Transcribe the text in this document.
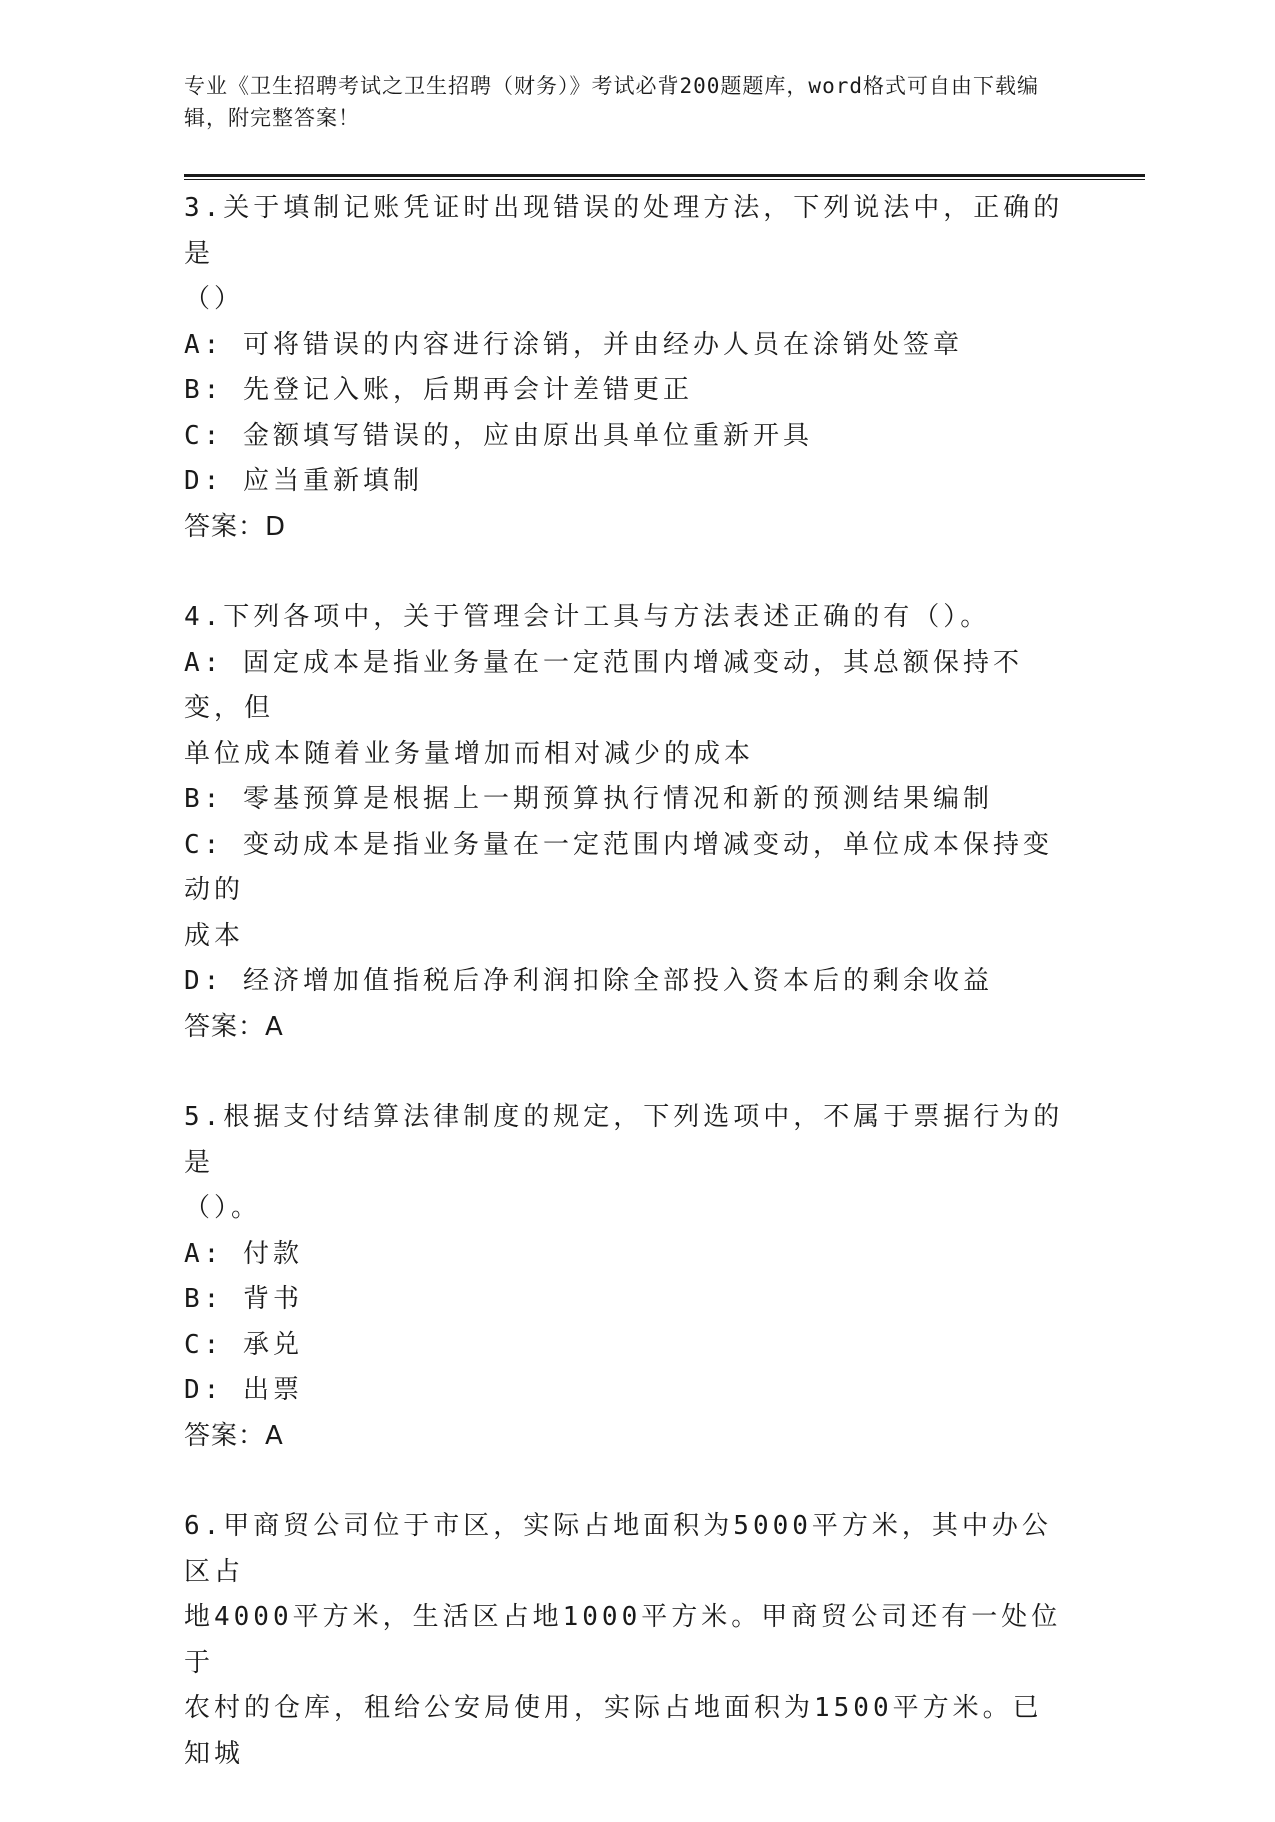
专业《卫生招聘考试之卫生招聘（财务）》考试必背200题题库，word格式可自由下载编辑，附完整答案！

3.关于填制记账凭证时出现错误的处理方法，下列说法中，正确的是

（）

A: 可将错误的内容进行涂销，并由经办人员在涂销处签章

B: 先登记入账，后期再会计差错更正

C: 金额填写错误的，应由原出具单位重新开具

D: 应当重新填制

答案：D

4.下列各项中，关于管理会计工具与方法表述正确的有（）。

A: 固定成本是指业务量在一定范围内增减变动，其总额保持不变，但

单位成本随着业务量增加而相对减少的成本

B: 零基预算是根据上一期预算执行情况和新的预测结果编制

C: 变动成本是指业务量在一定范围内增减变动，单位成本保持变动的

成本

D: 经济增加值指税后净利润扣除全部投入资本后的剩余收益

答案：A

5.根据支付结算法律制度的规定，下列选项中，不属于票据行为的是

（）。

A: 付款

B: 背书

C: 承兑

D: 出票

答案：A

6.甲商贸公司位于市区，实际占地面积为5000平方米，其中办公区占

地4000平方米，生活区占地1000平方米。甲商贸公司还有一处位于

农村的仓库，租给公安局使用，实际占地面积为1500平方米。已知城
